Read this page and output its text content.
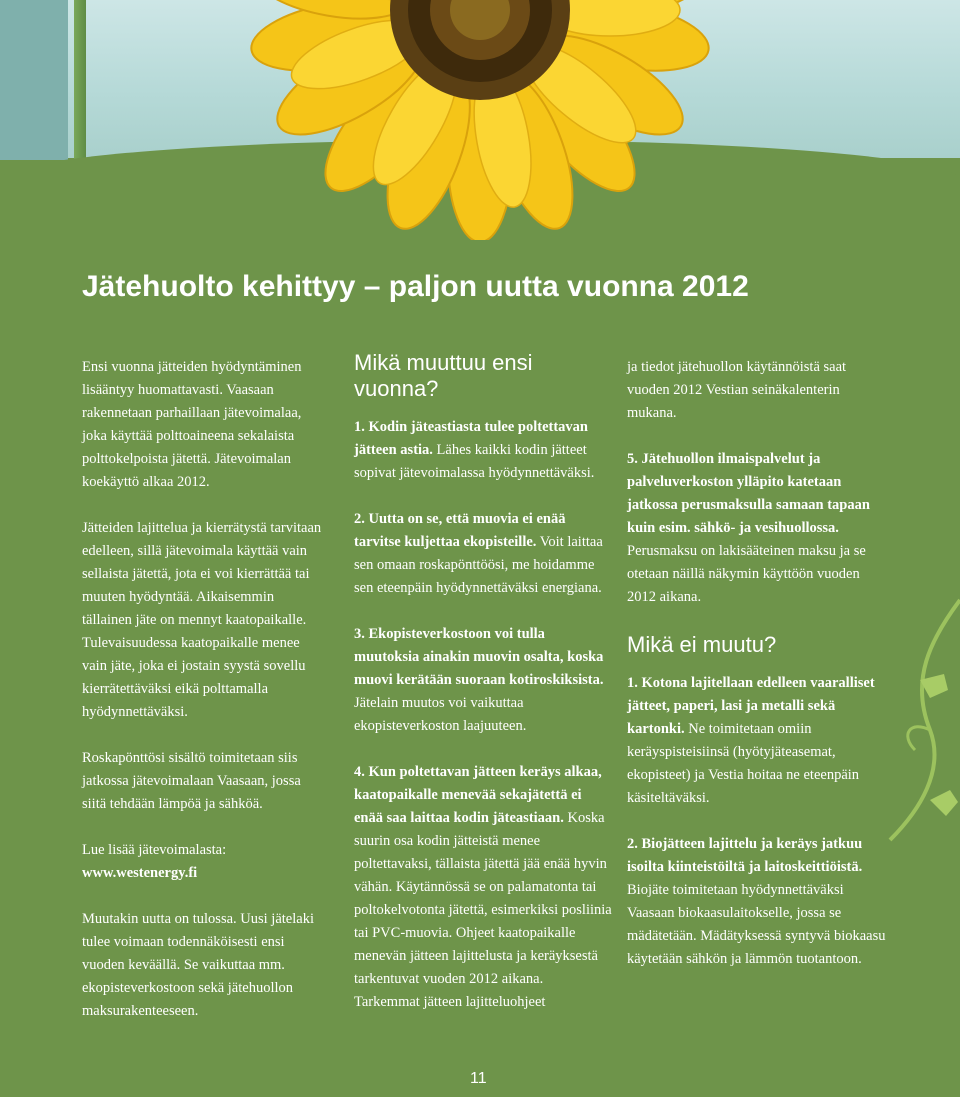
Jätehuolto kehittyy – paljon uutta vuonna 2012

Ensi vuonna jätteiden hyödyntäminen lisääntyy huomattavasti. Vaasaan rakennetaan parhaillaan jätevoimalaa, joka käyttää polttoaineena sekalaista polttokelpoista jätettä. Jätevoimalan koekäyttö alkaa 2012.

Jätteiden lajittelua ja kierrätystä tarvitaan edelleen, sillä jätevoimala käyttää vain sellaista jätettä, jota ei voi kierrättää tai muuten hyödyntää. Aikaisemmin tällainen jäte on mennyt kaatopaikalle. Tulevaisuudessa kaatopaikalle menee vain jäte, joka ei jostain syystä sovellu kierrätettäväksi eikä polttamalla hyödynnettäväksi.

Roskapönttösi sisältö toimitetaan siis jatkossa jätevoimalaan Vaasaan, jossa siitä tehdään lämpöä ja sähköä.

Lue lisää jätevoimalasta: www.westenergy.fi

Muutakin uutta on tulossa. Uusi jätelaki tulee voimaan todennäköisesti ensi vuoden keväällä. Se vaikuttaa mm. ekopisteverkostoon sekä jätehuollon maksurakenteeseen.

Mikä muuttuu ensi vuonna?

1. Kodin jäteastiasta tulee poltettavan jätteen astia. Lähes kaikki kodin jätteet sopivat jätevoimalassa hyödynnettäväksi.

2. Uutta on se, että muovia ei enää tarvitse kuljettaa ekopisteille. Voit laittaa sen omaan roskapönttöösi, me hoidamme sen eteenpäin hyödynnettäväksi energiana.

3. Ekopisteverkostoon voi tulla muutoksia ainakin muovin osalta, koska muovi kerätään suoraan kotiroskiksista. Jätelain muutos voi vaikuttaa ekopisteverkoston laajuuteen.

4. Kun poltettavan jätteen keräys alkaa, kaatopaikalle menevää sekajätettä ei enää saa laittaa kodin jäteastiaan. Koska suurin osa kodin jätteistä menee poltettavaksi, tällaista jätettä jää enää hyvin vähän. Käytännössä se on palamatonta tai poltokelvotonta jätettä, esimerkiksi posliinia tai PVC-muovia. Ohjeet kaatopaikalle menevän jätteen lajittelusta ja keräyksestä tarkentuvat vuoden 2012 aikana. Tarkemmat jätteen lajitteluohjeet

ja tiedot jätehuollon käytännöistä saat vuoden 2012 Vestian seinäkalenterin mukana.

5. Jätehuollon ilmaispalvelut ja palveluverkoston ylläpito katetaan jatkossa perusmaksulla samaan tapaan kuin esim. sähkö- ja vesihuollossa. Perusmaksu on lakisääteinen maksu ja se otetaan näillä näkymin käyttöön vuoden 2012 aikana.

Mikä ei muutu?

1. Kotona lajitellaan edelleen vaaralliset jätteet, paperi, lasi ja metalli sekä kartonki. Ne toimitetaan omiin keräyspisteisiinsä (hyötyjäteasemat, ekopisteet) ja Vestia hoitaa ne eteenpäin käsiteltäväksi.

2. Biojätteen lajittelu ja keräys jatkuu isoilta kiinteistöiltä ja laitoskeittiöistä. Biojäte toimitetaan hyödynnettäväksi Vaasaan biokaasulaitokselle, jossa se mädätetään. Mädätyksessä syntyvä biokaasu käytetään sähkön ja lämmön tuotantoon.

11
